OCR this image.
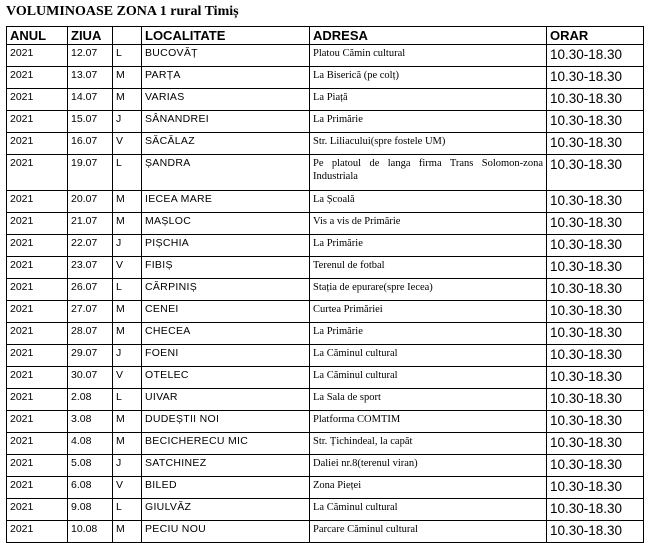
VOLUMINOASE ZONA 1 rural Timiș
ANUL	ZIUA		LOCALITATE	ADRESA	ORAR
2021	12.07	L	BUCOVĂȚ	Platou Cămin cultural	10.30-18.30
2021	13.07	M	PARȚA	La Biserică (pe colț)	10.30-18.30
2021	14.07	M	VARIAS	La Piață	10.30-18.30
2021	15.07	J	SÂNANDREI	La Primărie	10.30-18.30
2021	16.07	V	SĂCĂLAZ	Str. Liliacului(spre fostele UM)	10.30-18.30
2021	19.07	L	ȘANDRA	Pe platoul de langa firma Trans Solomon-zona Industriala	10.30-18.30
2021	20.07	M	IECEA MARE	La Școală	10.30-18.30
2021	21.07	M	MAȘLOC	Vis a vis de Primărie	10.30-18.30
2021	22.07	J	PIȘCHIA	La Primărie	10.30-18.30
2021	23.07	V	FIBIȘ	Terenul de fotbal	10.30-18.30
2021	26.07	L	CĂRPINIȘ	Stația de epurare(spre Iecea)	10.30-18.30
2021	27.07	M	CENEI	Curtea Primăriei	10.30-18.30
2021	28.07	M	CHECEA	La Primărie	10.30-18.30
2021	29.07	J	FOENI	La Căminul cultural	10.30-18.30
2021	30.07	V	OTELEC	La Căminul cultural	10.30-18.30
2021	2.08	L	UIVAR	La Sala de sport	10.30-18.30
2021	3.08	M	DUDEȘTII NOI	Platforma COMTIM	10.30-18.30
2021	4.08	M	BECICHERECU MIC	Str. Țichindeal, la capăt	10.30-18.30
2021	5.08	J	SATCHINEZ	Daliei nr.8(terenul viran)	10.30-18.30
2021	6.08	V	BILED	Zona Pieței	10.30-18.30
2021	9.08	L	GIULVĂZ	La Căminul cultural	10.30-18.30
2021	10.08	M	PECIU NOU	Parcare Căminul cultural	10.30-18.30
